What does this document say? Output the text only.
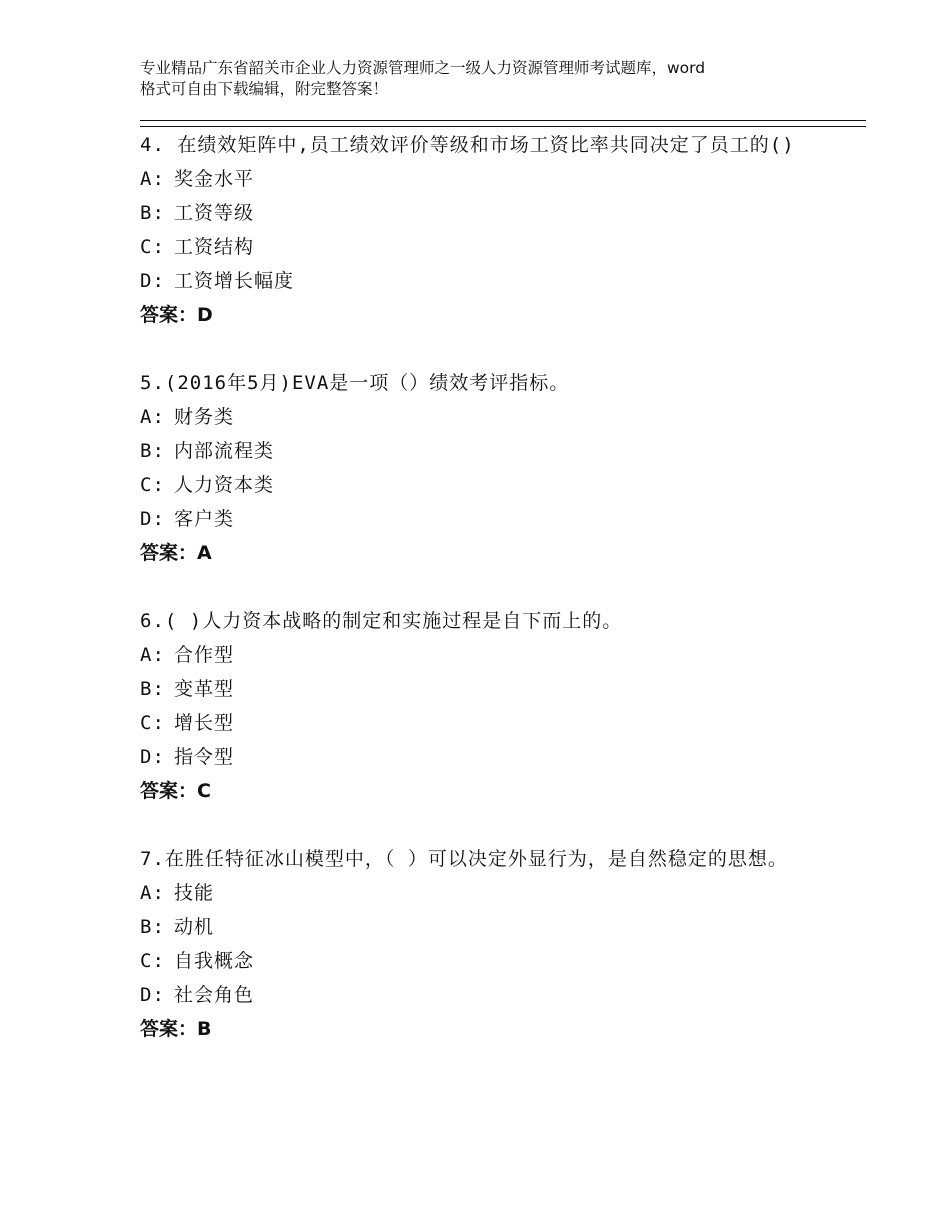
专业精品广东省韶关市企业人力资源管理师之一级人力资源管理师考试题库，word
格式可自由下载编辑，附完整答案！
4. 在绩效矩阵中,员工绩效评价等级和市场工资比率共同决定了员工的()
A: 奖金水平
B: 工资等级
C: 工资结构
D: 工资增长幅度
答案：D
5.(2016年5月)EVA是一项（）绩效考评指标。
A: 财务类
B: 内部流程类
C: 人力资本类
D: 客户类
答案：A
6.( )人力资本战略的制定和实施过程是自下而上的。
A: 合作型
B: 变革型
C: 增长型
D: 指令型
答案：C
7.在胜任特征冰山模型中，（ ）可以决定外显行为，是自然稳定的思想。
A: 技能
B: 动机
C: 自我概念
D: 社会角色
答案：B
